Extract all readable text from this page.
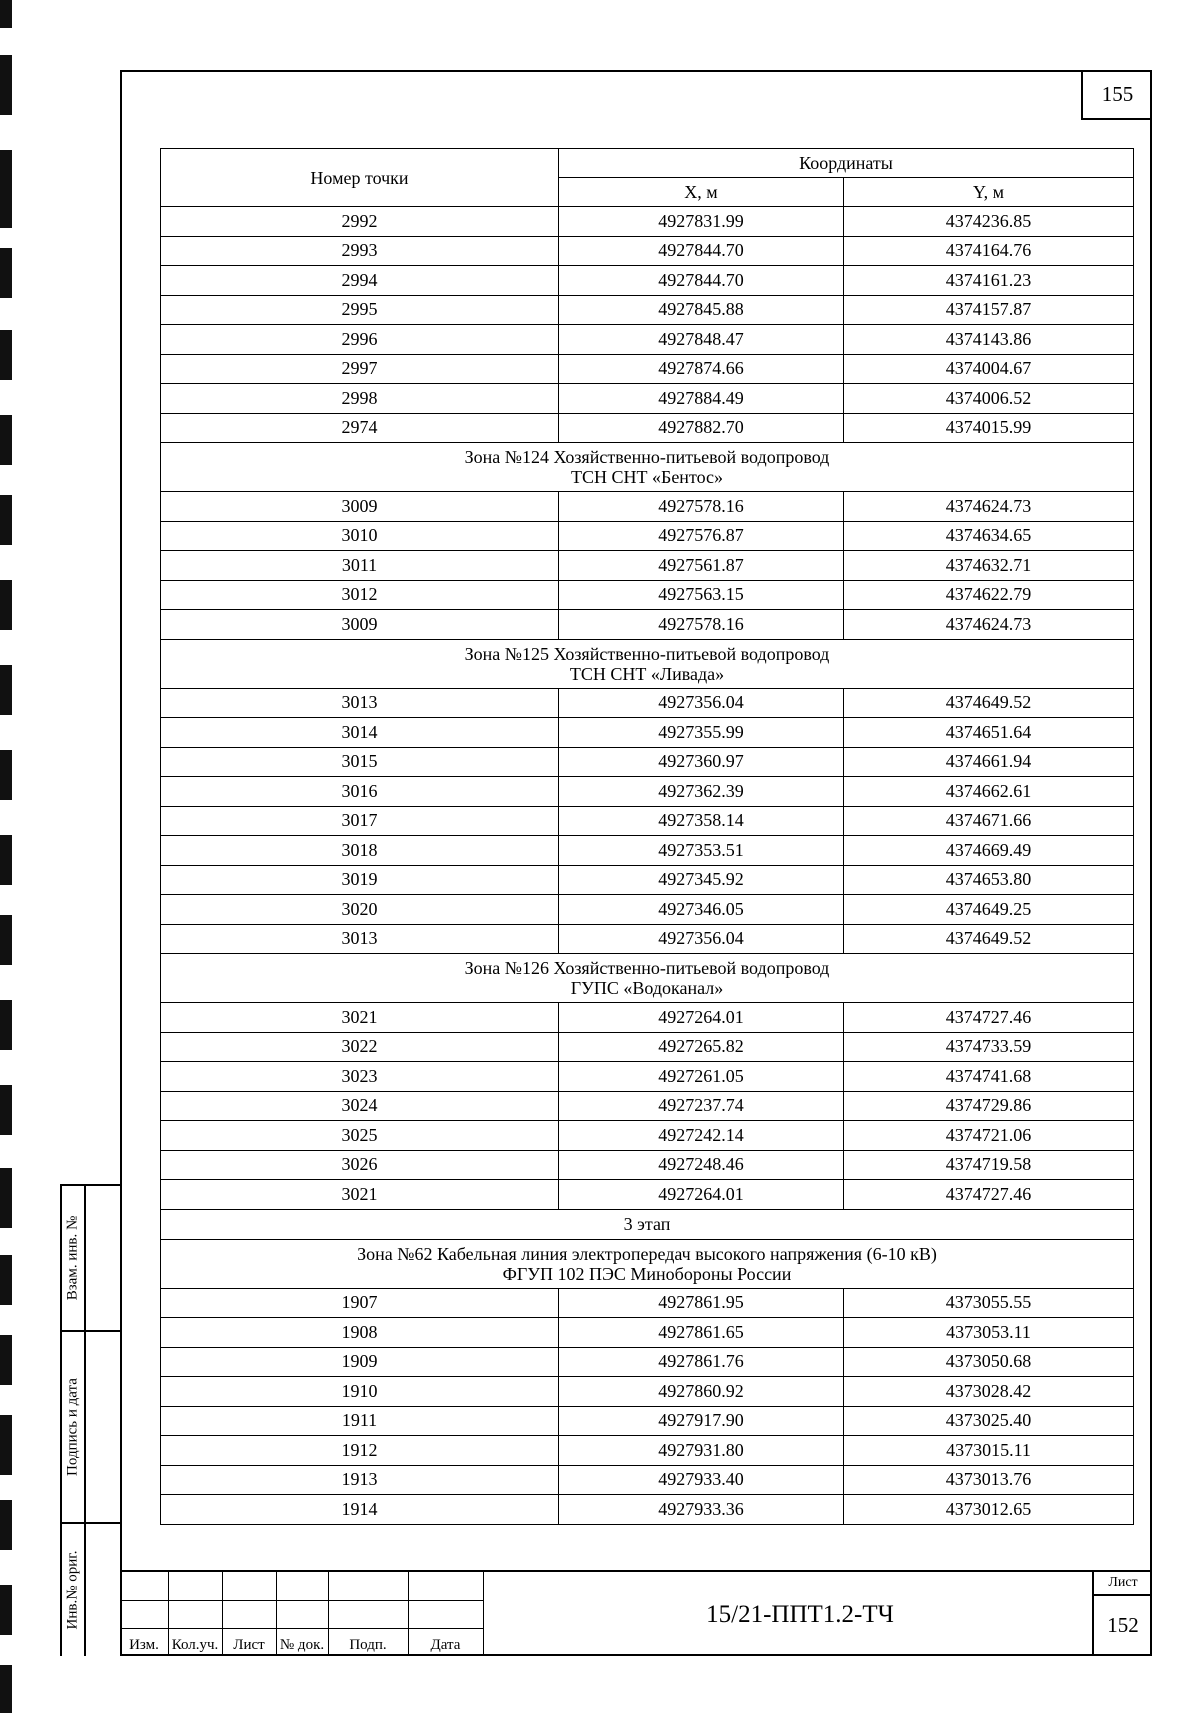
155
Номер точки	Координаты	
	X, м	Y, м
2992	4927831.99	4374236.85
2993	4927844.70	4374164.76
2994	4927844.70	4374161.23
2995	4927845.88	4374157.87
2996	4927848.47	4374143.86
2997	4927874.66	4374004.67
2998	4927884.49	4374006.52
2974	4927882.70	4374015.99

Зона №124 Хозяйственно-питьевой водопровод
ТСН СНТ «Бентос»		

3009	4927578.16	4374624.73
3010	4927576.87	4374634.65
3011	4927561.87	4374632.71
3012	4927563.15	4374622.79
3009	4927578.16	4374624.73

Зона №125 Хозяйственно-питьевой водопровод
ТСН СНТ «Ливада»		

3013	4927356.04	4374649.52
3014	4927355.99	4374651.64
3015	4927360.97	4374661.94
3016	4927362.39	4374662.61
3017	4927358.14	4374671.66
3018	4927353.51	4374669.49
3019	4927345.92	4374653.80
3020	4927346.05	4374649.25
3013	4927356.04	4374649.52

Зона №126 Хозяйственно-питьевой водопровод
ГУПС «Водоканал»		

3021	4927264.01	4374727.46
3022	4927265.82	4374733.59
3023	4927261.05	4374741.68
3024	4927237.74	4374729.86
3025	4927242.14	4374721.06
3026	4927248.46	4374719.58
3021	4927264.01	4374727.46

3 этап		

Зона №62 Кабельная линия электропередач высокого напряжения (6-10 кВ)
ФГУП 102 ПЭС Минобороны России		

1907	4927861.95	4373055.55
1908	4927861.65	4373053.11
1909	4927861.76	4373050.68
1910	4927860.92	4373028.42
1911	4927917.90	4373025.40
1912	4927931.80	4373015.11
1913	4927933.40	4373013.76
1914	4927933.36	4373012.65
Взам. инв. №
Подпись и дата
Инв.№ ориг.
Изм. Кол.уч. Лист	№ док.	Подп.	Дата
15/21-ППТ1.2-ТЧ
Лист
152
